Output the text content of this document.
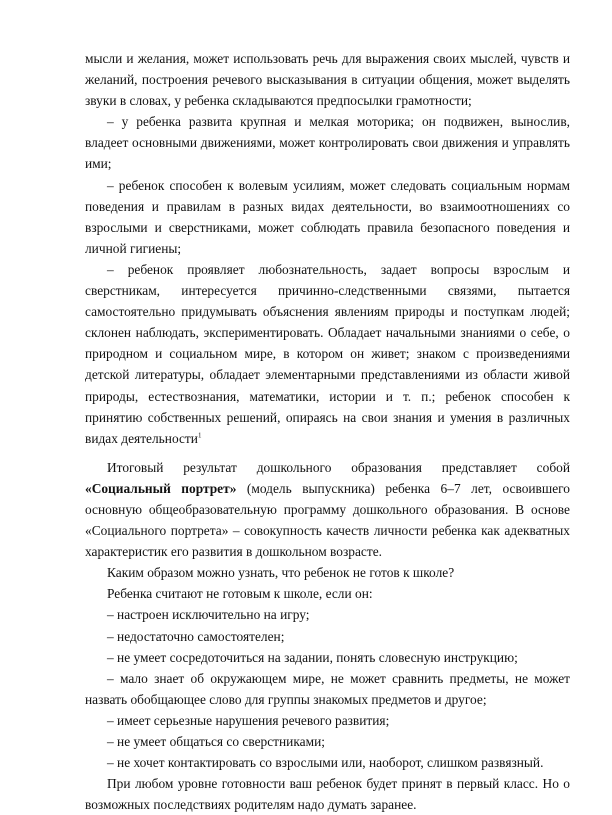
мысли и желания, может использовать речь для выражения своих мыслей, чувств и желаний, построения речевого высказывания в ситуации общения, может выделять звуки в словах, у ребенка складываются предпосылки грамотности;

– у ребенка развита крупная и мелкая моторика; он подвижен, вынослив, владеет основными движениями, может контролировать свои движения и управлять ими;

– ребенок способен к волевым усилиям, может следовать социальным нормам поведения и правилам в разных видах деятельности, во взаимоотношениях со взрослыми и сверстниками, может соблюдать правила безопасного поведения и личной гигиены;

– ребенок проявляет любознательность, задает вопросы взрослым и сверстникам, интересуется причинно-следственными связями, пытается самостоятельно придумывать объяснения явлениям природы и поступкам людей; склонен наблюдать, экспериментировать. Обладает начальными знаниями о себе, о природном и социальном мире, в котором он живет; знаком с произведениями детской литературы, обладает элементарными представлениями из области живой природы, естествознания, математики, истории и т. п.; ребенок способен к принятию собственных решений, опираясь на свои знания и умения в различных видах деятельности$^1$

Итоговый результат дошкольного образования представляет собой «Социальный портрет» (модель выпускника) ребенка 6–7 лет, освоившего основную общеобразовательную программу дошкольного образования. В основе «Социального портрета» – совокупность качеств личности ребенка как адекватных характеристик его развития в дошкольном возрасте.

Каким образом можно узнать, что ребенок не готов к школе?

Ребенка считают не готовым к школе, если он:

– настроен исключительно на игру;

– недостаточно самостоятелен;

– не умеет сосредоточиться на задании, понять словесную инструкцию;

– мало знает об окружающем мире, не может сравнить предметы, не может назвать обобщающее слово для группы знакомых предметов и другое;

– имеет серьезные нарушения речевого развития;

– не умеет общаться со сверстниками;

– не хочет контактировать со взрослыми или, наоборот, слишком развязный.

При любом уровне готовности ваш ребенок будет принят в первый класс. Но о возможных последствиях родителям надо думать заранее.
